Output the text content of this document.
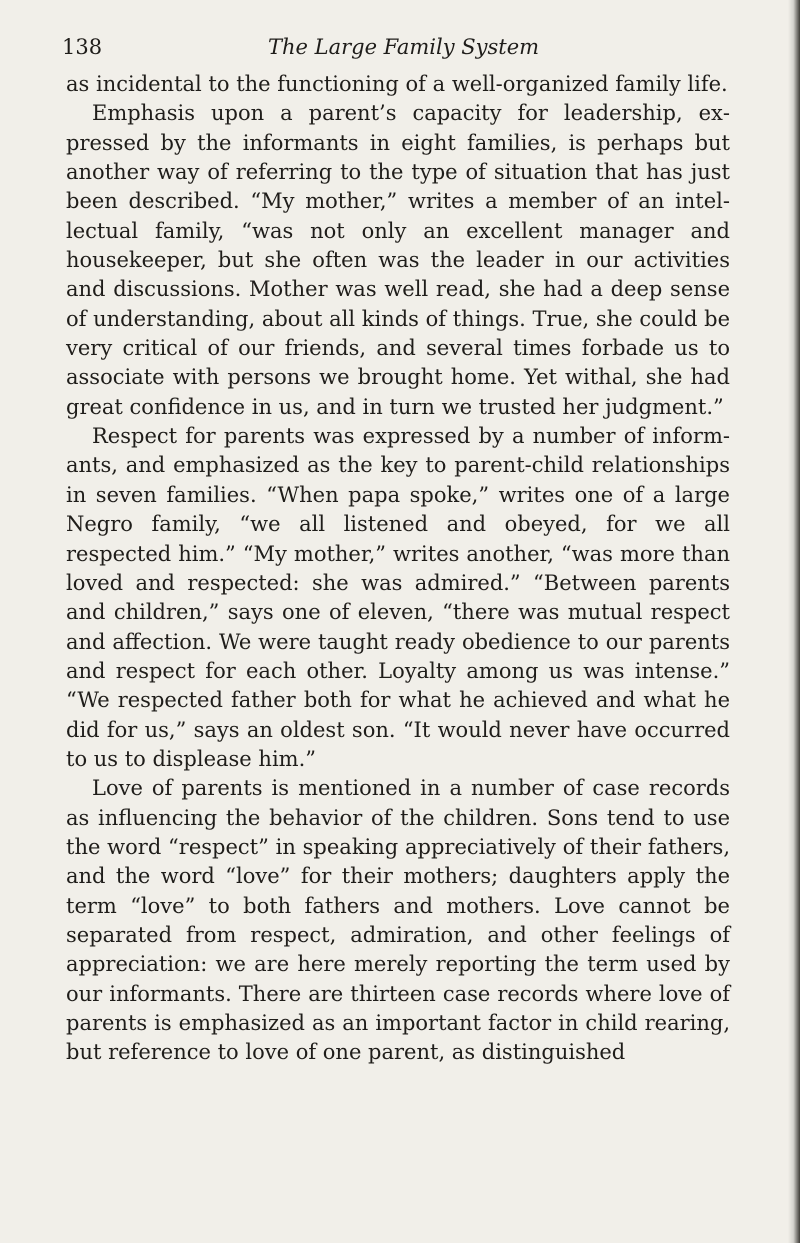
138	The Large Family System

as incidental to the functioning of a well-organized family life.

Emphasis upon a parent’s capacity for leadership, expressed by the informants in eight families, is perhaps but another way of referring to the type of situation that has just been described. “My mother,” writes a member of an intellectual family, “was not only an excellent manager and housekeeper, but she often was the leader in our activities and discussions. Mother was well read, she had a deep sense of understanding, about all kinds of things. True, she could be very critical of our friends, and several times forbade us to associate with persons we brought home. Yet withal, she had great confidence in us, and in turn we trusted her judgment.”

Respect for parents was expressed by a number of informants, and emphasized as the key to parent-child relationships in seven families. “When papa spoke,” writes one of a large Negro family, “we all listened and obeyed, for we all respected him.” “My mother,” writes another, “was more than loved and respected: she was admired.” “Between parents and children,” says one of eleven, “there was mutual respect and affection. We were taught ready obedience to our parents and respect for each other. Loyalty among us was intense.” “We respected father both for what he achieved and what he did for us,” says an oldest son. “It would never have occurred to us to displease him.”

Love of parents is mentioned in a number of case records as influencing the behavior of the children. Sons tend to use the word “respect” in speaking appreciatively of their fathers, and the word “love” for their mothers; daughters apply the term “love” to both fathers and mothers. Love cannot be separated from respect, admiration, and other feelings of appreciation: we are here merely reporting the term used by our informants. There are thirteen case records where love of parents is emphasized as an important factor in child rearing, but reference to love of one parent, as distinguished
